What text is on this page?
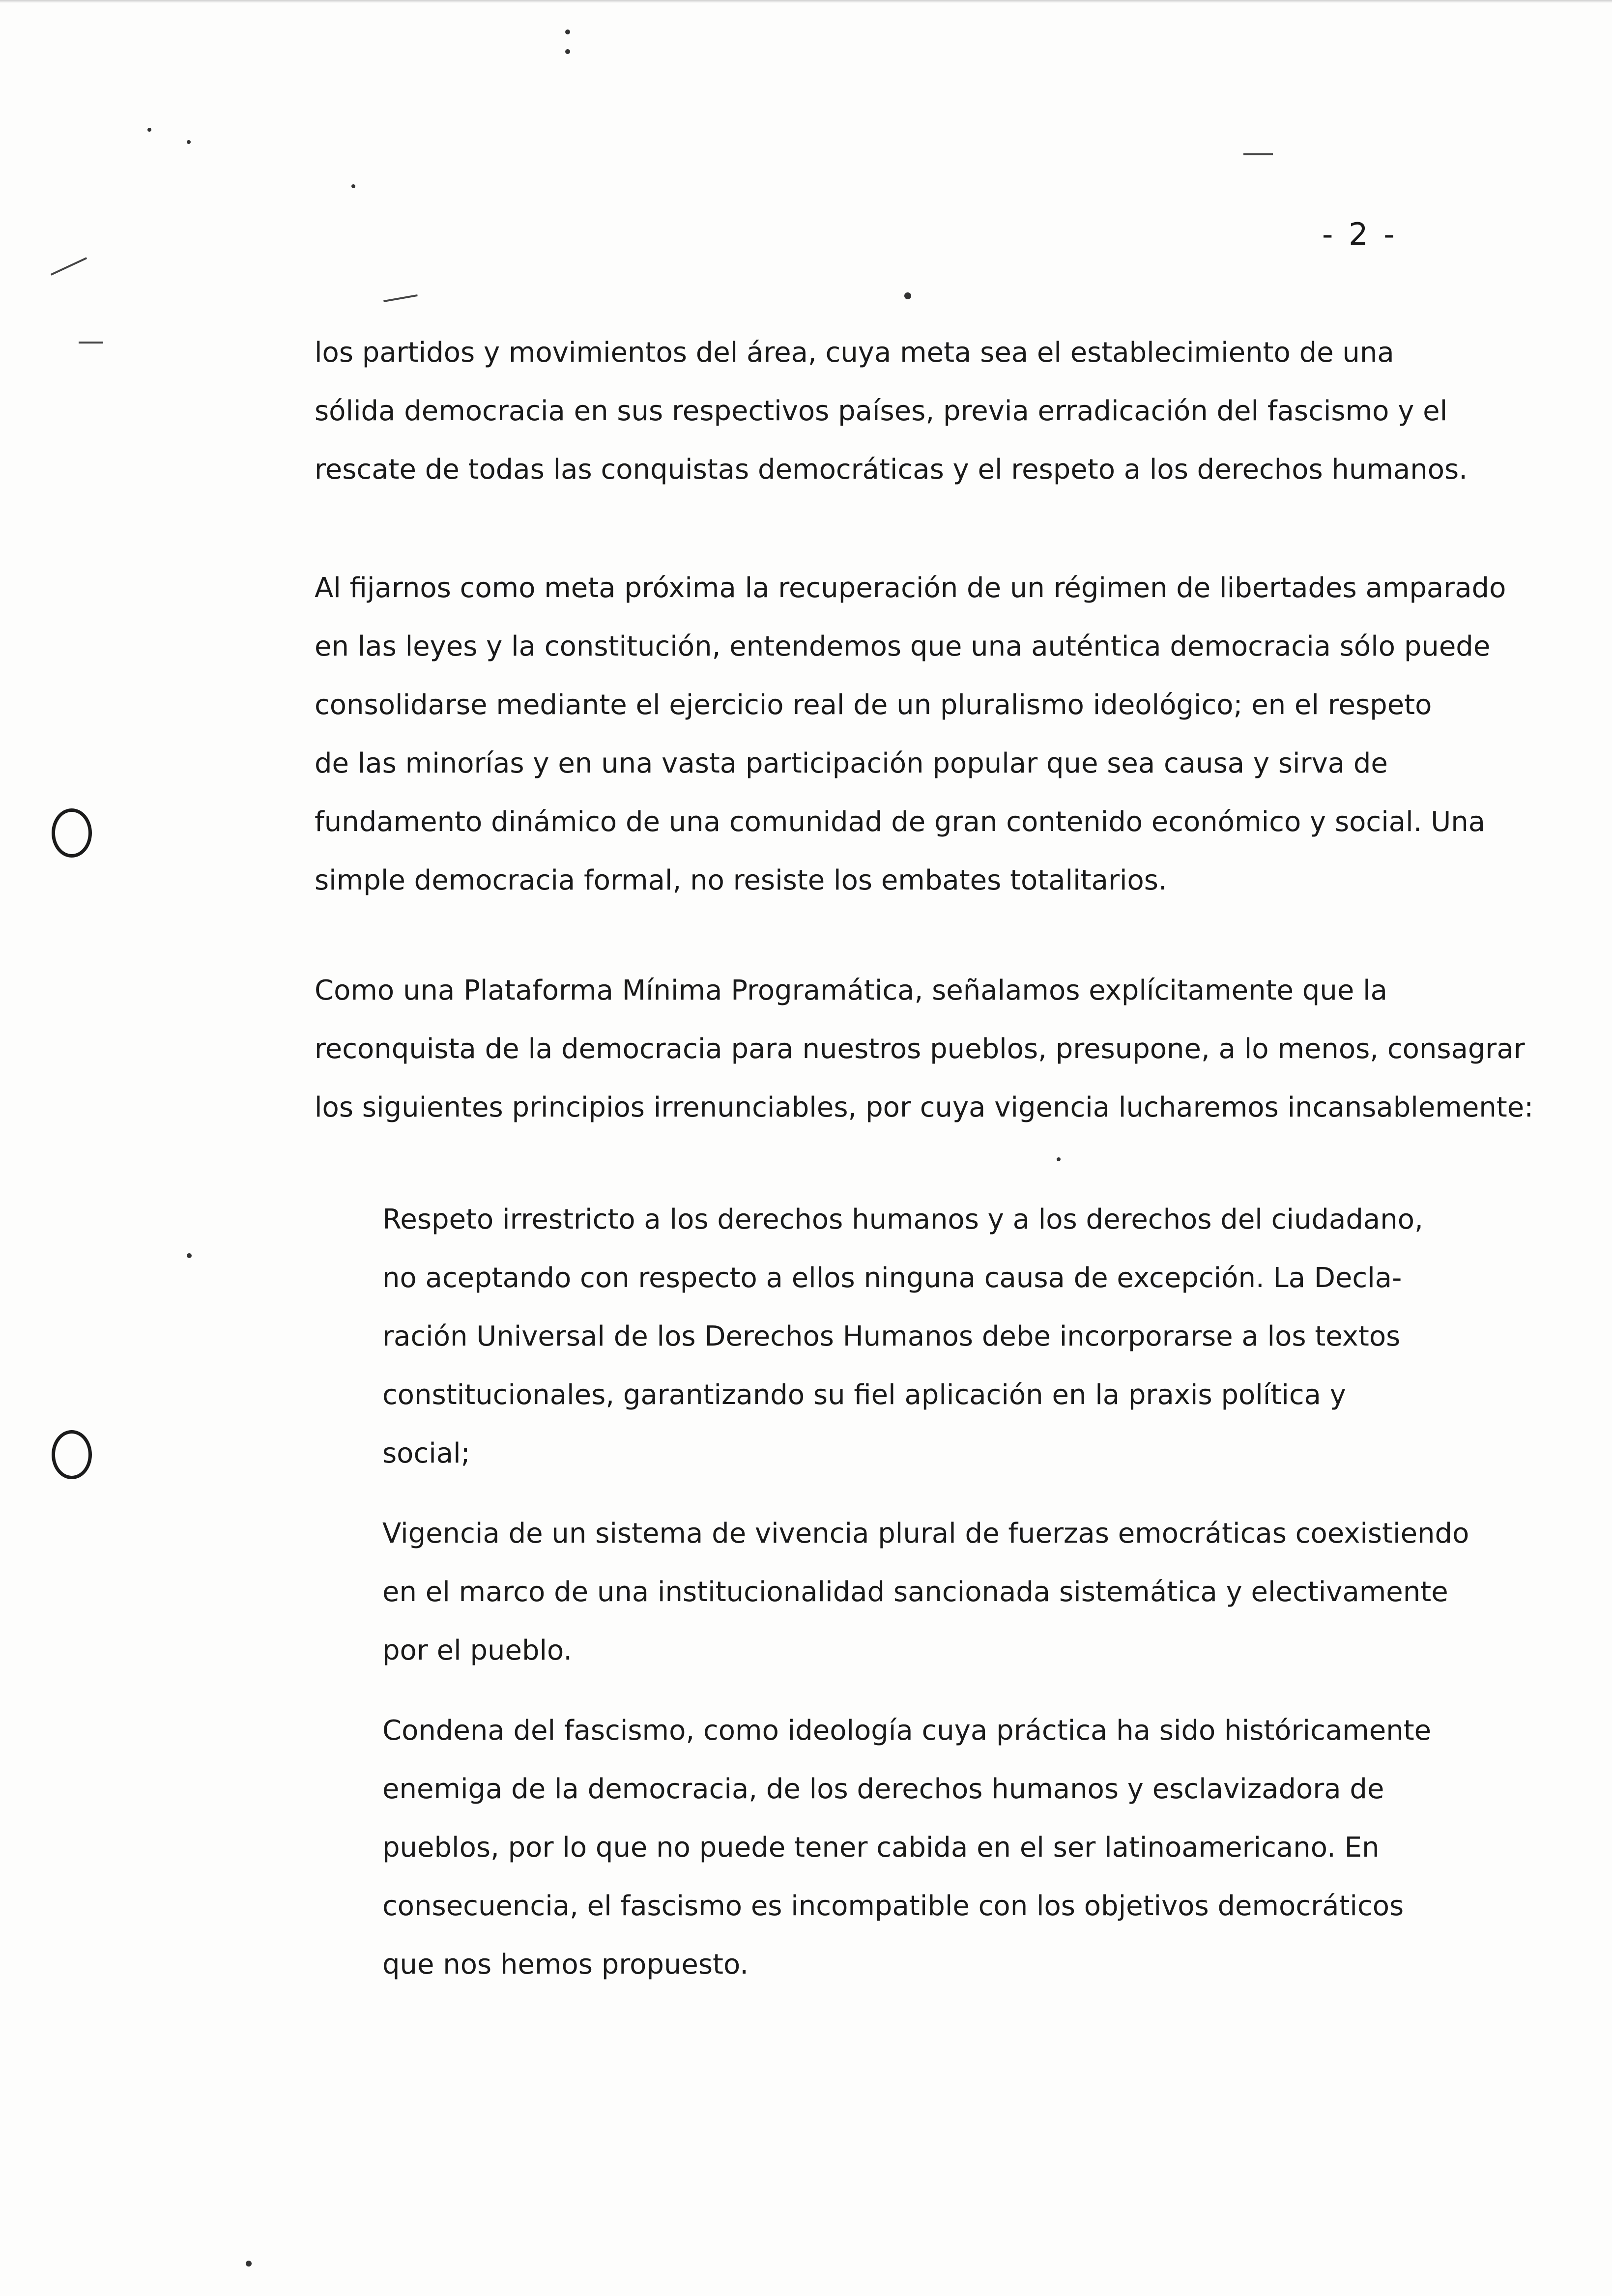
- 2 -

los partidos y movimientos del área, cuya meta sea el establecimiento de una
sólida democracia en sus respectivos países, previa erradicación del fascismo y el
rescate de todas las conquistas democráticas y el respeto a los derechos humanos.

Al fijarnos como meta próxima la recuperación de un régimen de libertades amparado
en las leyes y la constitución, entendemos que una auténtica democracia sólo puede
consolidarse mediante el ejercicio real de un pluralismo ideológico; en el respeto
de las minorías y en una vasta participación popular que sea causa y sirva de
fundamento dinámico de una comunidad de gran contenido económico y social. Una
simple democracia formal, no resiste los embates totalitarios.

Como una Plataforma Mínima Programática, señalamos explícitamente que la
reconquista de la democracia para nuestros pueblos, presupone, a lo menos, consagrar
los siguientes principios irrenunciables, por cuya vigencia lucharemos incansablemente:

Respeto irrestricto a los derechos humanos y a los derechos del ciudadano,
no aceptando con respecto a ellos ninguna causa de excepción. La Decla-
ración Universal de los Derechos Humanos debe incorporarse a los textos
constitucionales, garantizando su fiel aplicación en la praxis política y
social;

Vigencia de un sistema de vivencia plural de fuerzas emocráticas coexistiendo
en el marco de una institucionalidad sancionada sistemática y electivamente
por el pueblo.

Condena del fascismo, como ideología cuya práctica ha sido históricamente
enemiga de la democracia, de los derechos humanos y esclavizadora de
pueblos, por lo que no puede tener cabida en el ser latinoamericano. En
consecuencia, el fascismo es incompatible con los objetivos democráticos
que nos hemos propuesto.
